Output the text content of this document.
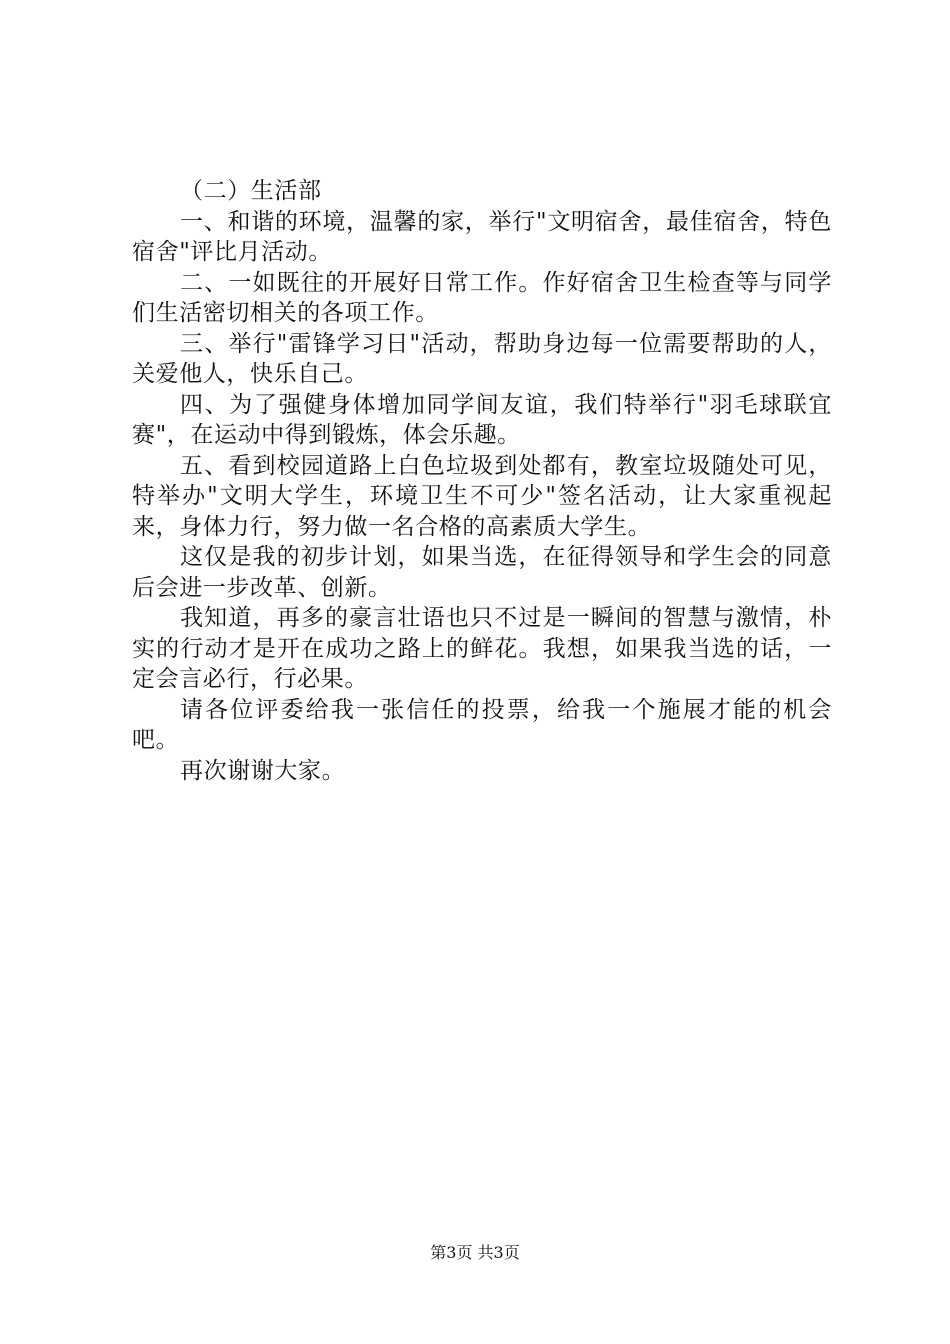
（二）生活部

一、和谐的环境，温馨的家，举行"文明宿舍，最佳宿舍，特色宿舍"评比月活动。

二、一如既往的开展好日常工作。作好宿舍卫生检查等与同学们生活密切相关的各项工作。

三、举行"雷锋学习日"活动，帮助身边每一位需要帮助的人，关爱他人，快乐自己。

四、为了强健身体增加同学间友谊，我们特举行"羽毛球联宜赛"，在运动中得到锻炼，体会乐趣。

五、看到校园道路上白色垃圾到处都有，教室垃圾随处可见，特举办"文明大学生，环境卫生不可少"签名活动，让大家重视起来，身体力行，努力做一名合格的高素质大学生。

这仅是我的初步计划，如果当选，在征得领导和学生会的同意后会进一步改革、创新。

我知道，再多的豪言壮语也只不过是一瞬间的智慧与激情，朴实的行动才是开在成功之路上的鲜花。我想，如果我当选的话，一定会言必行，行必果。

请各位评委给我一张信任的投票，给我一个施展才能的机会吧。

再次谢谢大家。

第3页 共3页
